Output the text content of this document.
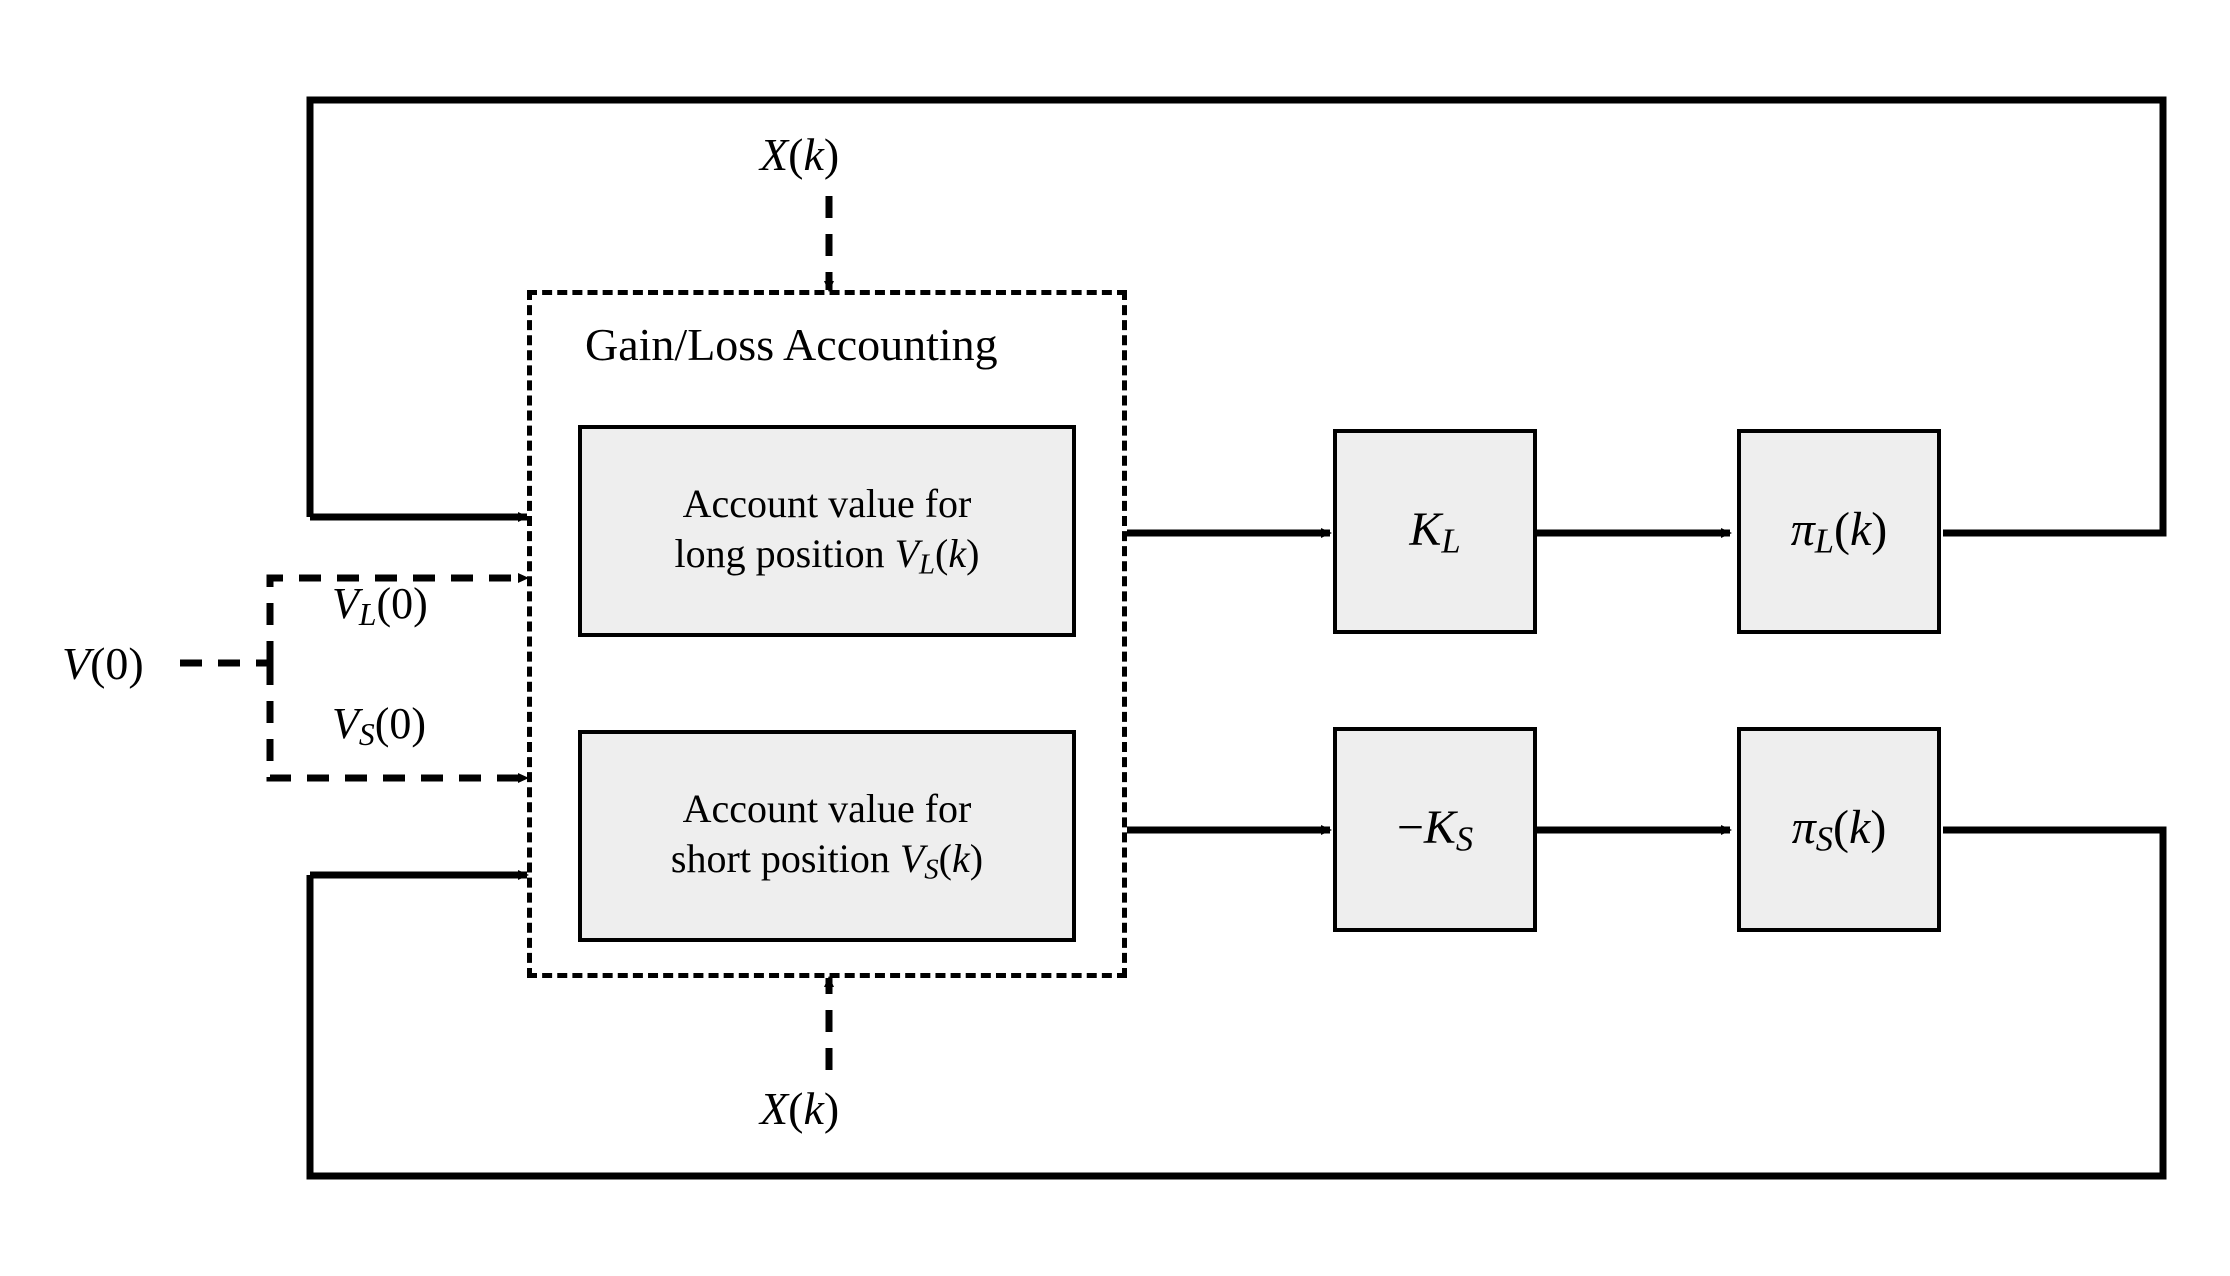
Gain/Loss Accounting
Account value for
long position $V_L(k)$
Account value for
short position $V_S(k)$
$K_L$
$-K_S$
$\pi_L(k)$
$\pi_S(k)$
X(k)
X(k)
V(0)
$V_L(0)$
$V_S(0)$
